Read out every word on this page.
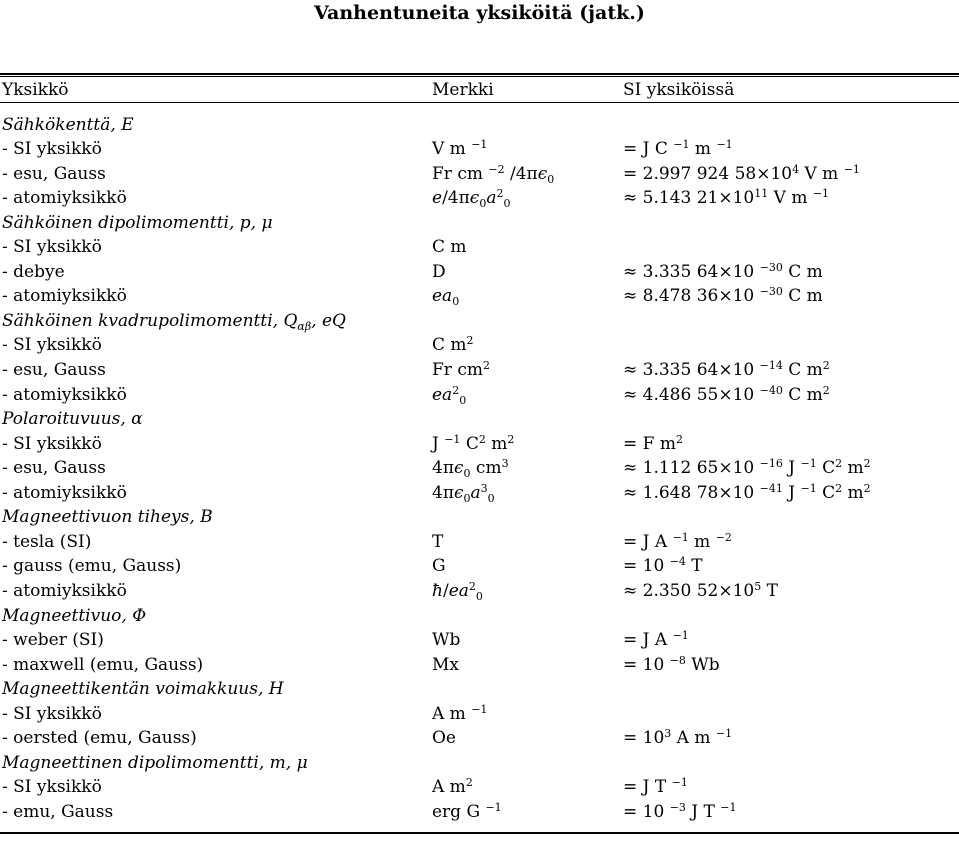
Vanhentuneita yksiköitä (jatk.)
Yksikkö	Merkki	SI yksiköissä
Sähkökenttä, E
- SI yksikkö	V m $^{-1}$	= J C $^{-1}$ m $^{-1}$
- esu, Gauss	Fr cm $^{-2}$ $/4\pi\epsilon_0$	= 2.997 924 $58\times 10^4$ V m $^{-1}$
- atomiyksikkö	$e/4\pi\epsilon_0a^2_0$	≈ 5.143 $21\times 10^{11}$ V m $^{-1}$
Sähköinen dipolimomentti, p, μ
- SI yksikkö	C m
- debye	D	≈ 3.335 64×10 $^{-30}$ C m
- atomiyksikkö	$ea_0$	≈ 8.478 36×10 $^{-30}$ C m
Sähköinen kvadrupolimomentti, $Q_{\alpha\beta}$, eQ
- SI yksikkö	C $m^2$
- esu, Gauss	Fr $cm^2$	≈ 3.335 64×10 $^{-14}$ C $m^2$
- atomiyksikkö	$ea^2_0$	≈ 4.486 55×10 $^{-40}$ C $m^2$
Polaroituvuus, α
- SI yksikkö	J $^{-1}$ $C^2$ $m^2$	= F $m^2$
- esu, Gauss	$4\pi\epsilon_0$ $cm^3$	≈ 1.112 65×10 $^{-16}$ J $^{-1}$ $C^2$ $m^2$
- atomiyksikkö	$4\pi\epsilon_0a^3_0$	≈ 1.648 78×10 $^{-41}$ J $^{-1}$ $C^2$ $m^2$
Magneettivuon tiheys, B
- tesla (SI)	T	= J A $^{-1}$ m $^{-2}$
- gauss (emu, Gauss)	G	= 10 $^{-4}$ T
- atomiyksikkö	$ħ/ea^2_0$	≈ 2.350 $52\times 10^5$ T
Magneettivuo, Φ
- weber (SI)	Wb	= J A $^{-1}$
- maxwell (emu, Gauss)	Mx	= 10 $^{-8}$ Wb
Magneettikentän voimakkuus, H
- SI yksikkö	A m $^{-1}$
- oersted (emu, Gauss)	Oe	= $10^3$ A m $^{-1}$
Magneettinen dipolimomentti, m, μ
- SI yksikkö	A $m^2$	= J T $^{-1}$
- emu, Gauss	erg G $^{-1}$	= 10 $^{-3}$ J T $^{-1}$
